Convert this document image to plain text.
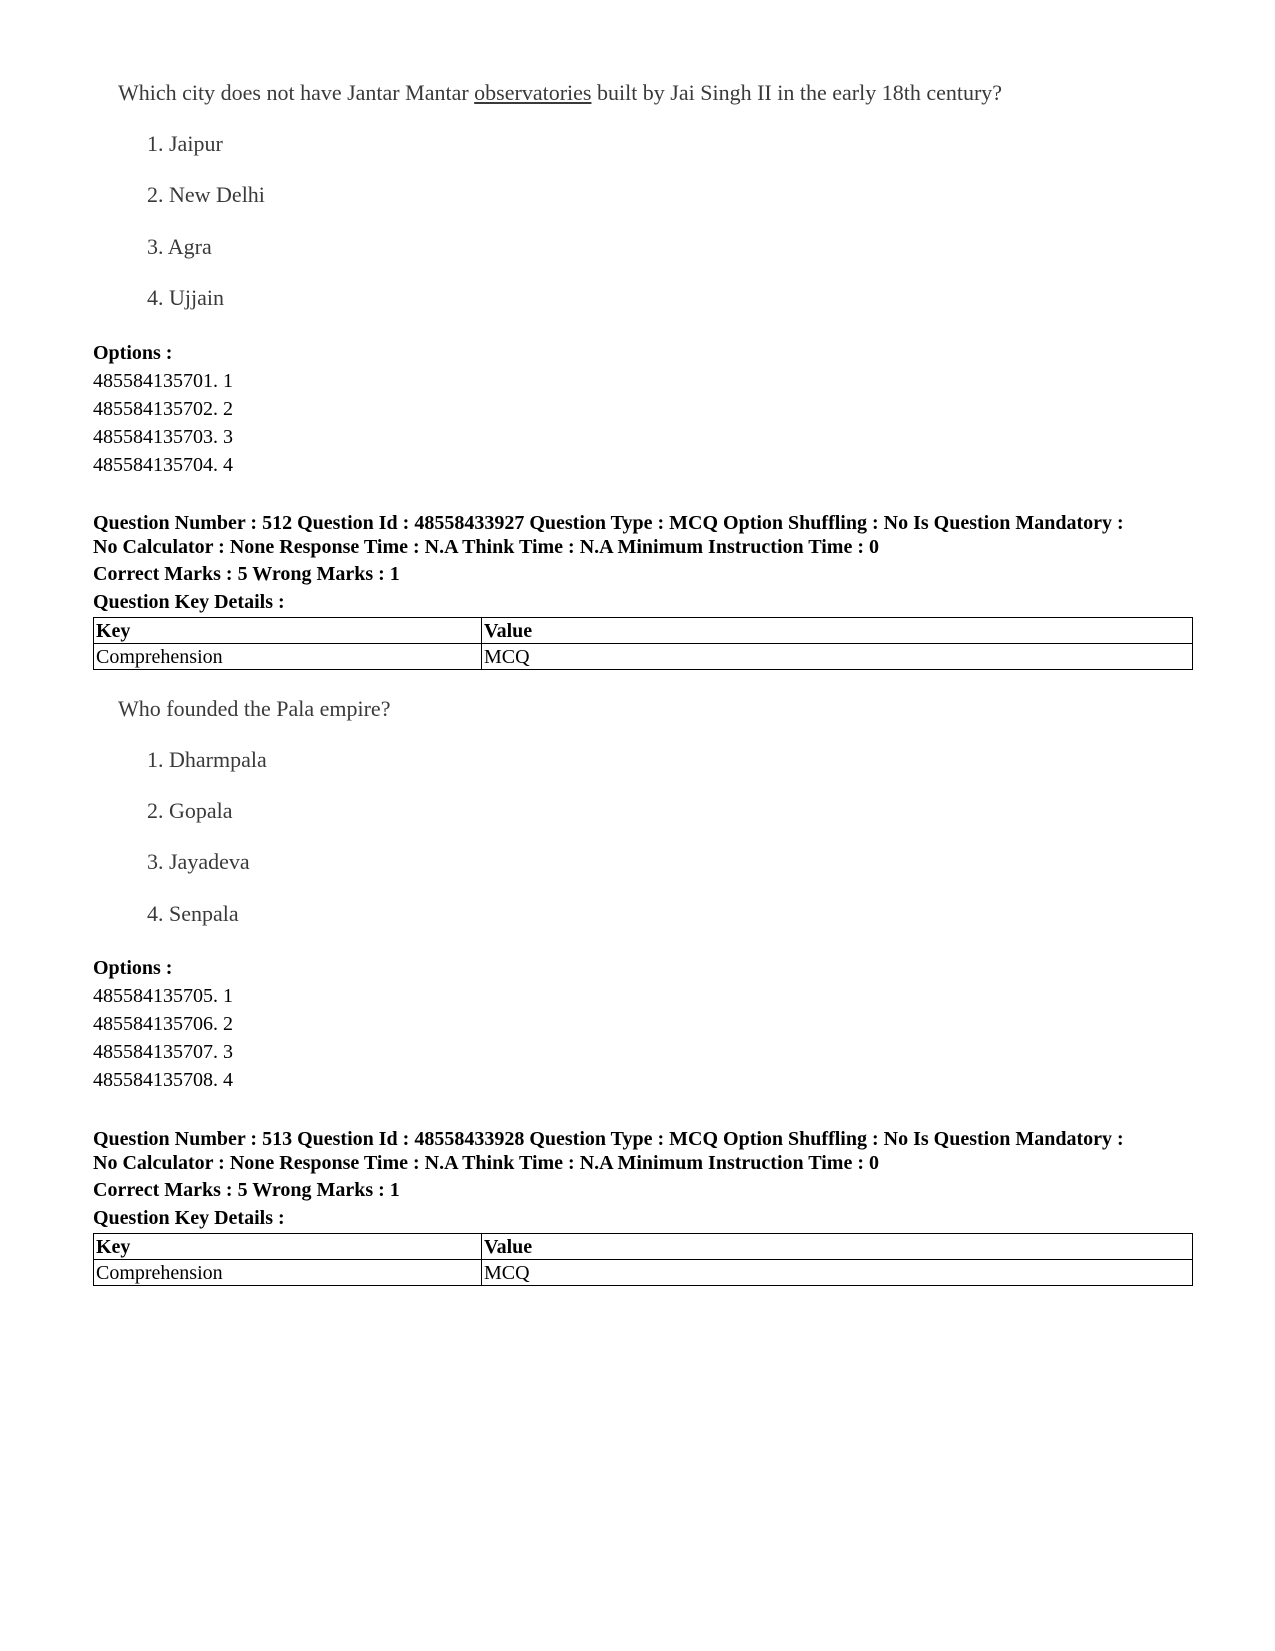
Which city does not have Jantar Mantar observatories built by Jai Singh II in the early 18th century?
1. Jaipur
2. New Delhi
3. Agra
4. Ujjain
Options :
485584135701. 1
485584135702. 2
485584135703. 3
485584135704. 4
Question Number : 512 Question Id : 48558433927 Question Type : MCQ Option Shuffling : No Is Question Mandatory :
No Calculator : None Response Time : N.A Think Time : N.A Minimum Instruction Time : 0
Correct Marks : 5 Wrong Marks : 1
Question Key Details :
Key	Value
Comprehension	MCQ
Who founded the Pala empire?
1. Dharmpala
2. Gopala
3. Jayadeva
4. Senpala
Options :
485584135705. 1
485584135706. 2
485584135707. 3
485584135708. 4
Question Number : 513 Question Id : 48558433928 Question Type : MCQ Option Shuffling : No Is Question Mandatory :
No Calculator : None Response Time : N.A Think Time : N.A Minimum Instruction Time : 0
Correct Marks : 5 Wrong Marks : 1
Question Key Details :
Key	Value
Comprehension	MCQ
